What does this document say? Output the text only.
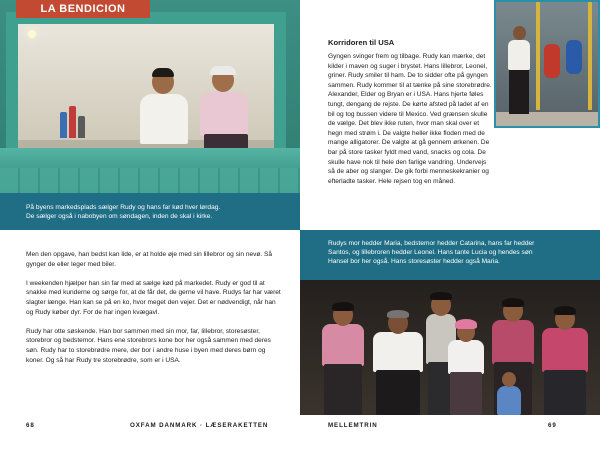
LA BENDICION

På byens markedsplads sælger Rudy og hans far kød hver lørdag.

De sælger også i nabobyen om søndagen, inden de skal i kirke.

Men den opgave, han bedst kan lide, er at holde øje med sin lillebror og sin nevø. Så gynger de eller leger med biler.

I weekenden hjælper han sin far med at sælge kød på markedet. Rudy er god til at snakke med kunderne og sørge for, at de får det, de gerne vil have. Rudys far har været slagter længe. Han kan se på en ko, hvor meget den vejer. Det er nødvendigt, når han og Rudy køber dyr. For de har ingen kvægavl.

Rudy har otte søskende. Han bor sammen med sin mor, far, lillebror, storesøster, storebror og bedstemor. Hans ene storebrors kone bor her også sammen med deres søn. Rudy har to storebrødre mere, der bor i andre huse i byen med deres børn og koner. Og så har Rudy tre storebrødre, som er i USA.

68	OXFAM DANMARK · LÆSERAKETTEN
Korridoren til USA

Gyngen svinger frem og tilbage. Rudy kan mærke, det kilder i maven og suger i brystet. Hans lillebror, Leonel, griner. Rudy smiler til ham. De to sidder ofte på gyngen sammen. Rudy kommer til at tænke på sine storebrødre. Alexander, Elder og Bryan er i USA. Hans hjerte føles tungt, dengang de rejste. De kørte afsted på ladet af en bil og tog bussen videre til Mexico. Ved grænsen skulle de vælge. Det blev ikke ruten, hvor man skal over et hegn med strøm i. De valgte heller ikke floden med de mange alligatorer. De valgte at gå gennem ørkenen. De bar på store tasker fyldt med vand, snacks og cola. De skulle have nok til hele den farlige vandring. Undervejs så de aber og slanger. De gik forbi menneskekranier og efterladte tasker. Hele rejsen tog en måned.

Rudys mor hedder Maria, bedstemor hedder Catarina, hans far hedder

Santos, og lillebroren hedder Leonel. Hans tante Lucia og hendes søn

Hansel bor her også. Hans storesøster hedder også Maria.

MELLEMTRIN	69
